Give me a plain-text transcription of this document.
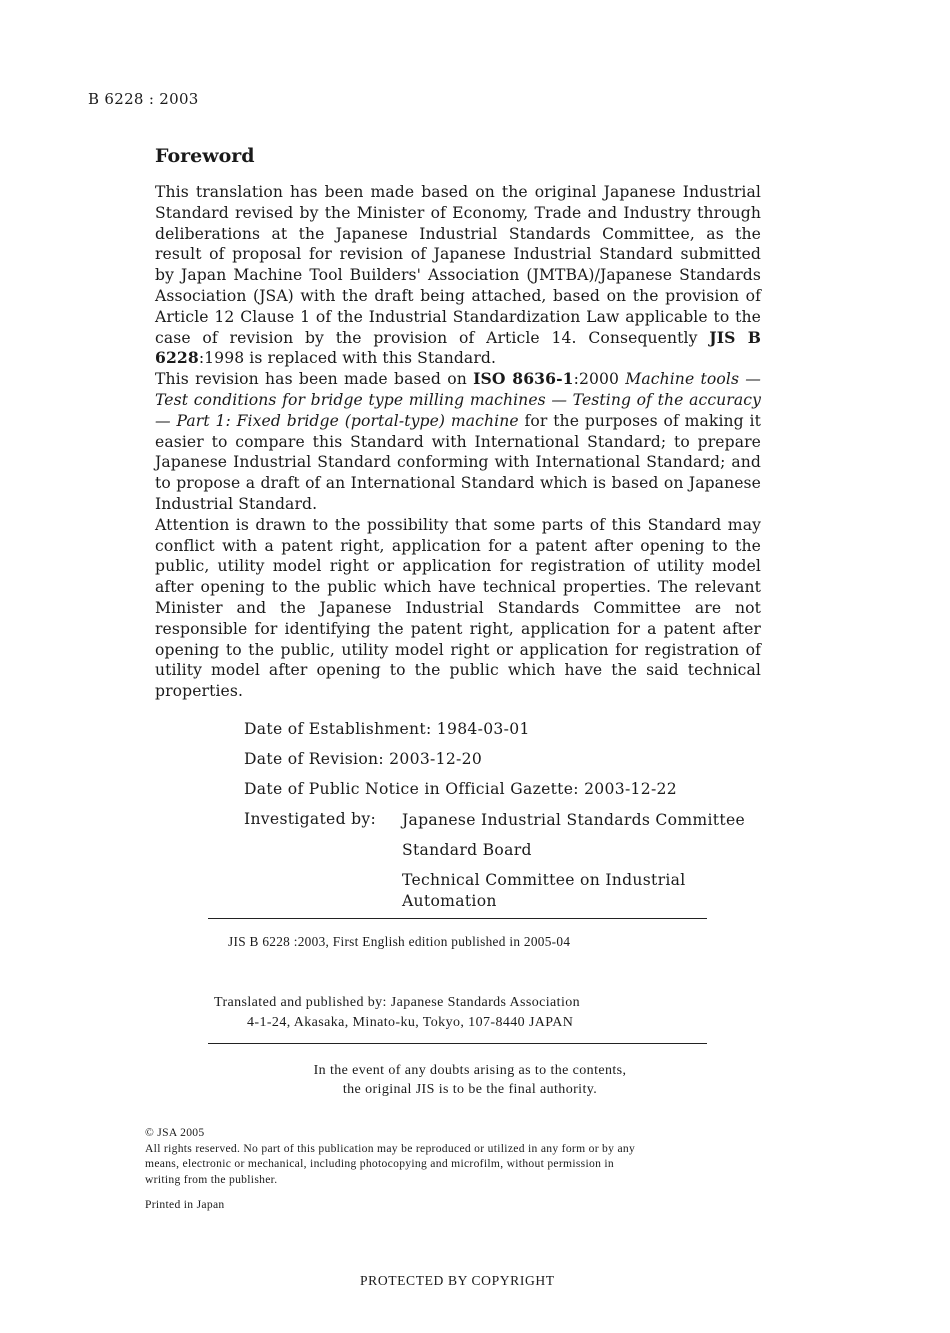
B 6228 : 2003
Foreword

This translation has been made based on the original Japanese Industrial Standard revised by the Minister of Economy, Trade and Industry through deliberations at the Japanese Industrial Standards Committee, as the result of proposal for revision of Japanese Industrial Standard submitted by Japan Machine Tool Builders' Association (JMTBA)/Japanese Standards Association (JSA) with the draft being attached, based on the provision of Article 12 Clause 1 of the Industrial Standardization Law applicable to the case of revision by the provision of Article 14. Consequently JIS B 6228:1998 is replaced with this Standard.

This revision has been made based on ISO 8636-1:2000 Machine tools — Test conditions for bridge type milling machines — Testing of the accuracy — Part 1: Fixed bridge (portal-type) machine for the purposes of making it easier to compare this Standard with International Standard; to prepare Japanese Industrial Standard conforming with International Standard; and to propose a draft of an International Standard which is based on Japanese Industrial Standard.

Attention is drawn to the possibility that some parts of this Standard may conflict with a patent right, application for a patent after opening to the public, utility model right or application for registration of utility model after opening to the public which have technical properties. The relevant Minister and the Japanese Industrial Standards Committee are not responsible for identifying the patent right, application for a patent after opening to the public, utility model right or application for registration of utility model after opening to the public which have the said technical properties.

Date of Establishment: 1984-03-01
Date of Revision: 2003-12-20
Date of Public Notice in Official Gazette: 2003-12-22
Investigated by: Japanese Industrial Standards Committee
Standard Board
Technical Committee on Industrial
Automation
JIS B 6228 :2003, First English edition published in 2005-04
Translated and published by: Japanese Standards Association
4-1-24, Akasaka, Minato-ku, Tokyo, 107-8440 JAPAN
In the event of any doubts arising as to the contents,
the original JIS is to be the final authority.
© JSA 2005
All rights reserved. No part of this publication may be reproduced or utilized in any form or by any
means, electronic or mechanical, including photocopying and microfilm, without permission in
writing from the publisher.
Printed in Japan
PROTECTED BY COPYRIGHT
